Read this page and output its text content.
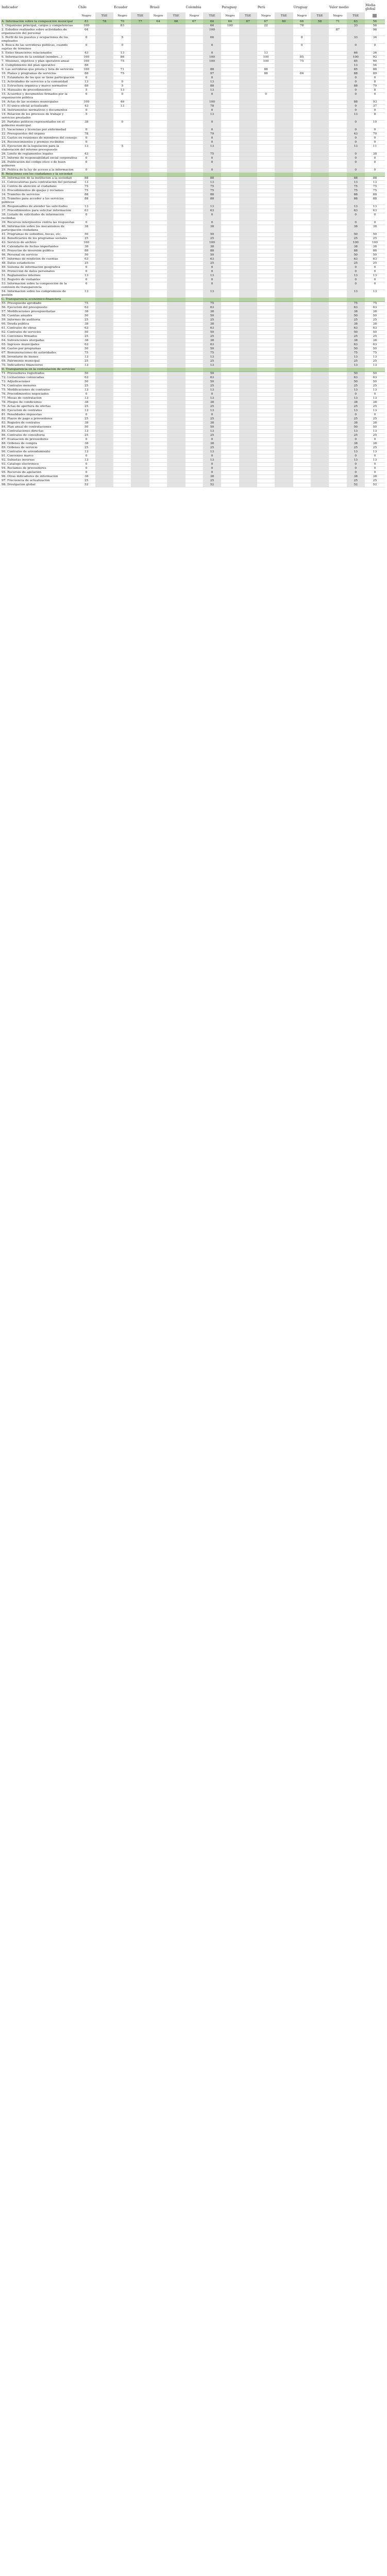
Indicador	Chile		Ecuador		Brasil		Colombia		Paraguay		Perú		Uruguay		Valor medio		Media global
	Negro	TSE	Negro	TSE	Negro	TSE	Negro	TSE	Negro	TSE	Negro	TSE	Negro	TSE	Negro	TSE	
A. Información sobre la composición municipal	83	78	70	77	64	66	67	64	64	67	67	60	66	58	71	63	56
1. Organismo principal, cargos y competencias	100		83					64	100		22		78			33	56
2. Estudios realizados sobre actividades de organización del personal	64							100							87		96
3. Perfil de los puestos y ocupaciones de los empleados	0		5					66					0			33	34
4. Busca de las servidoras públicas, cuando sujetas de términos	0		0					0					0			0	0
5. Entes financieros relacionados	43		13					0			13					66	36
6. Información de la entidad (nombre...)	100		86					100			100		85			100	92
7. Misiones, objetivos y plan operativo anual	100		75					100			100		75			85	90
8. Cumplimiento del plan operativo	88															13	54
9. Las servidoras que presta y lista de servicios	100		71					88			88					85	88
10. Planes y programas de servicios	88		75					97			88		84			88	89
11. Estándares de los que se tiene participación	0							0								0	0
12. Actividades de servicios a la comunidad	13		0					13								0	8
13. Estructura orgánica y marco normativo	88		5					88								88	70
14. Manuales de procedimientos	5		13					13								0	8
15. Acuerdos y documentos firmados por la organización pública	0		0					0			0					0	0
16. Actas de las sesiones municipales	100		46					100								88	93
17. El único oficial actualizado	43		13					78								0	37
18. Instrumentos normativos y documentos	0							0								0	0
19. Relación de los procesos de trabajo y servicios prestados	5							13								13	8
20. Partidos políticos representados en el gobierno municipal	38		0					0								0	10
21. Vacaciones y licencias por enfermedad	0							0								0	0
22. Presupuestos del órgano	78							79								43	70
23. Gastos en reuniones de miembros del consejo	0							0								0	0
24. Reconocimientos y premios recibidos	0							0								0	0
25. Ejecución de la legislación para la elaboración del informe presupuesto	13		5					13								13	11
26. Límite de reglamentos legales	43							75								0	38
27. Informe de responsabilidad social corporativa	0							0								0	0
28. Publicación del código ético o de buen gobierno	0							0								0	0
29. Política de la ley de acceso a la información	0							0								0	0
B. Relaciones con los ciudadanos y la sociedad																	
30. Información de la institución a la sociedad	88							88								88	88
31. Convocatorias para contratación del personal	13							13								13	13
32. Centro de atención al ciudadano	75							75								75	75
33. Procedimientos de quejas y reclamos	75							75								75	75
34. Trámites de servicios	88							88								88	88
35. Trámites para acceder a los servicios públicos	88							88								88	88
36. Responsables de atender las solicitudes	13							13								13	13
37. Procedimientos para solicitar información	63							63								63	63
38. Listado de solicitudes de información recibidas	0							0								0	0
39. Recursos interpuestos contra las respuestas	0							0								0	0
40. Información sobre los mecanismos de participación ciudadana	38							38								38	38
41. Programas de subsidios, becas, etc.	50							50								50	50
42. Beneficiarios de los programas sociales	25							25								25	25
43. Servicio de archivo	100							100								100	100
44. Calendario de fechas importantes	38							38								38	38
45. Proyectos de inversión pública	88							88								88	88
46. Personal en servicio	50							50								50	50
47. Informes de rendición de cuentas	63							63								63	63
48. Datos estadísticos	25							25								25	25
49. Sistema de información geográfica	0							0								0	0
50. Protección de datos personales	0							0								0	0
51. Reglamentos internos	13							13								13	13
52. Registro de visitantes	0							0								0	0
53. Información sobre la composición de la comisión de transparencia	0							0								0	0
54. Información sobre los compromisos de gestión	13							13								13	13
C. Transparencia económico-financiera																	
55. Presupuesto aprobado	75							75								75	75
56. Ejecución del presupuesto	63							63								63	63
57. Modificaciones presupuestarias	38							38								38	38
58. Cuentas anuales	50							50								50	50
59. Informes de auditoría	25							25								25	25
60. Deuda pública	38							38								38	38
61. Contratos de obras	63							63								63	63
62. Contratos de servicios	50							50								50	50
63. Convenios firmados	25							25								25	25
64. Subvenciones otorgadas	38							38								38	38
65. Ingresos municipales	63							63								63	63
66. Gastos por programas	50							50								50	50
67. Remuneraciones de autoridades	75							75								75	75
68. Inventario de bienes	13							13								13	13
69. Patrimonio municipal	25							25								25	25
70. Indicadores financieros	13							13								13	13
D. Transparencia en la contratación de servicios																	
71. Proveedores registrados	50							50								50	50
72. Licitaciones convocadas	63							63								63	63
73. Adjudicaciones	50							50								50	50
74. Contratos menores	25							25								25	25
75. Modificaciones de contratos	13							13								13	13
76. Procedimientos negociados	0							0								0	0
77. Mesas de contratación	13							13								13	13
78. Pliegos de condiciones	38							38								38	38
79. Actas de apertura de ofertas	25							25								25	25
80. Ejecución de contratos	13							13								13	13
81. Penalidades impuestas	0							0								0	0
82. Plazos de pago a proveedores	25							25								25	25
83. Registro de contratos	38							38								38	38
84. Plan anual de contrataciones	50							50								50	50
85. Contrataciones directas	13							13								13	13
86. Contratos de consultoría	25							25								25	25
87. Evaluación de proveedores	0							0								0	0
88. Órdenes de compra	38							38								38	38
89. Órdenes de servicio	25							25								25	25
90. Contratos de arrendamiento	13							13								13	13
91. Convenios marco	0							0								0	0
92. Subastas inversas	13							13								13	13
93. Catálogo electrónico	0							0								0	0
94. Reclamos de proveedores	0							0								0	0
95. Recursos de apelación	0							0								0	0
96. Otras indicadores de información	38							38								38	38
97. Frecuencia de actualización	25							25								25	25
98. Divulgación global	52							52								52	52
